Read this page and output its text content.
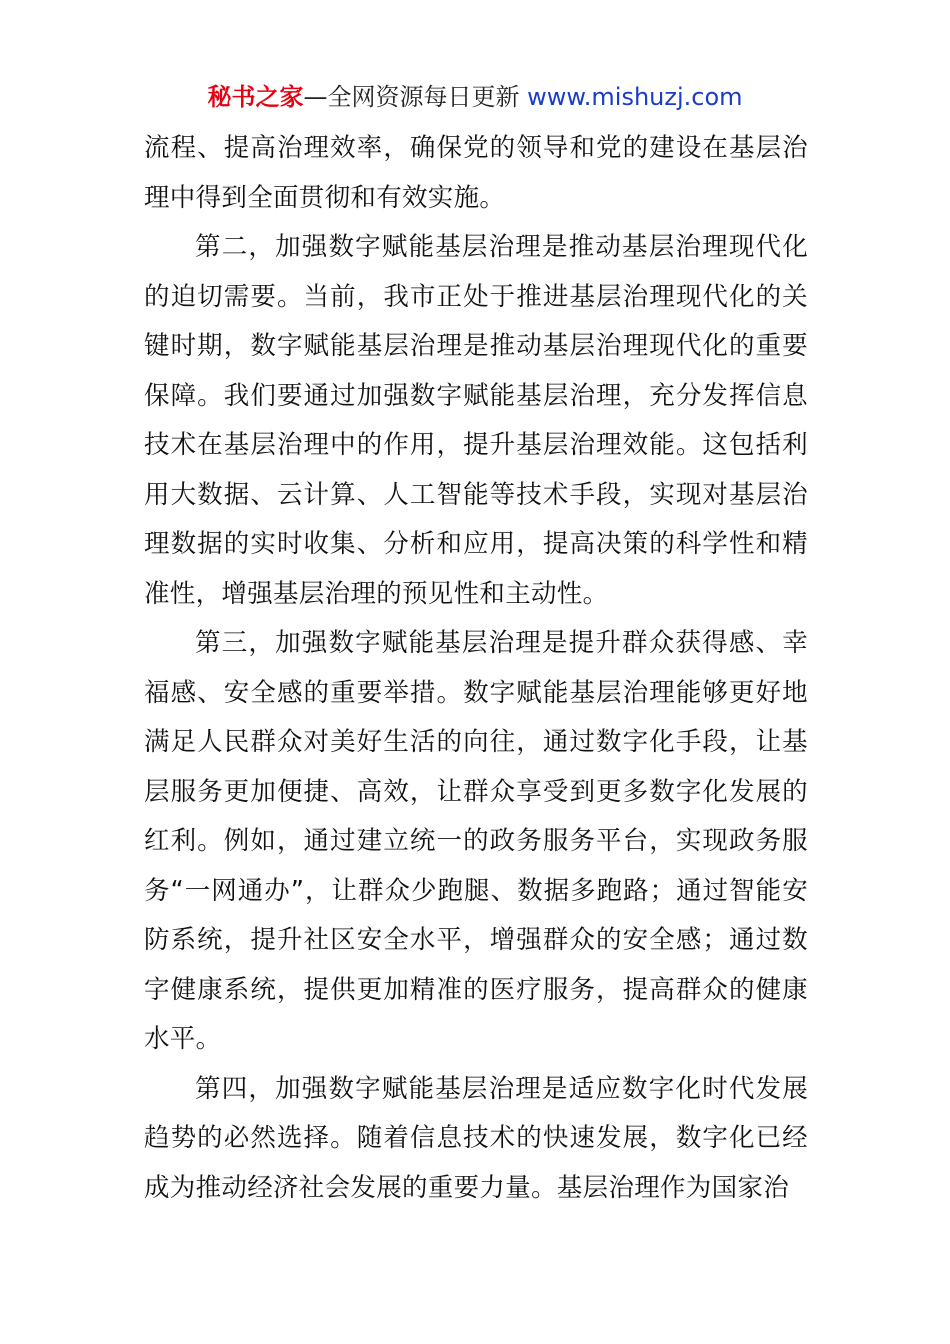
秘书之家—全网资源每日更新 www.mishuzj.com

流程、提高治理效率，确保党的领导和党的建设在基层治理中得到全面贯彻和有效实施。

第二，加强数字赋能基层治理是推动基层治理现代化的迫切需要。当前，我市正处于推进基层治理现代化的关键时期，数字赋能基层治理是推动基层治理现代化的重要保障。我们要通过加强数字赋能基层治理，充分发挥信息技术在基层治理中的作用，提升基层治理效能。这包括利用大数据、云计算、人工智能等技术手段，实现对基层治理数据的实时收集、分析和应用，提高决策的科学性和精准性，增强基层治理的预见性和主动性。

第三，加强数字赋能基层治理是提升群众获得感、幸福感、安全感的重要举措。数字赋能基层治理能够更好地满足人民群众对美好生活的向往，通过数字化手段，让基层服务更加便捷、高效，让群众享受到更多数字化发展的红利。例如，通过建立统一的政务服务平台，实现政务服务“一网通办”，让群众少跑腿、数据多跑路；通过智能安防系统，提升社区安全水平，增强群众的安全感；通过数字健康系统，提供更加精准的医疗服务，提高群众的健康水平。

第四，加强数字赋能基层治理是适应数字化时代发展趋势的必然选择。随着信息技术的快速发展，数字化已经成为推动经济社会发展的重要力量。基层治理作为国家治
